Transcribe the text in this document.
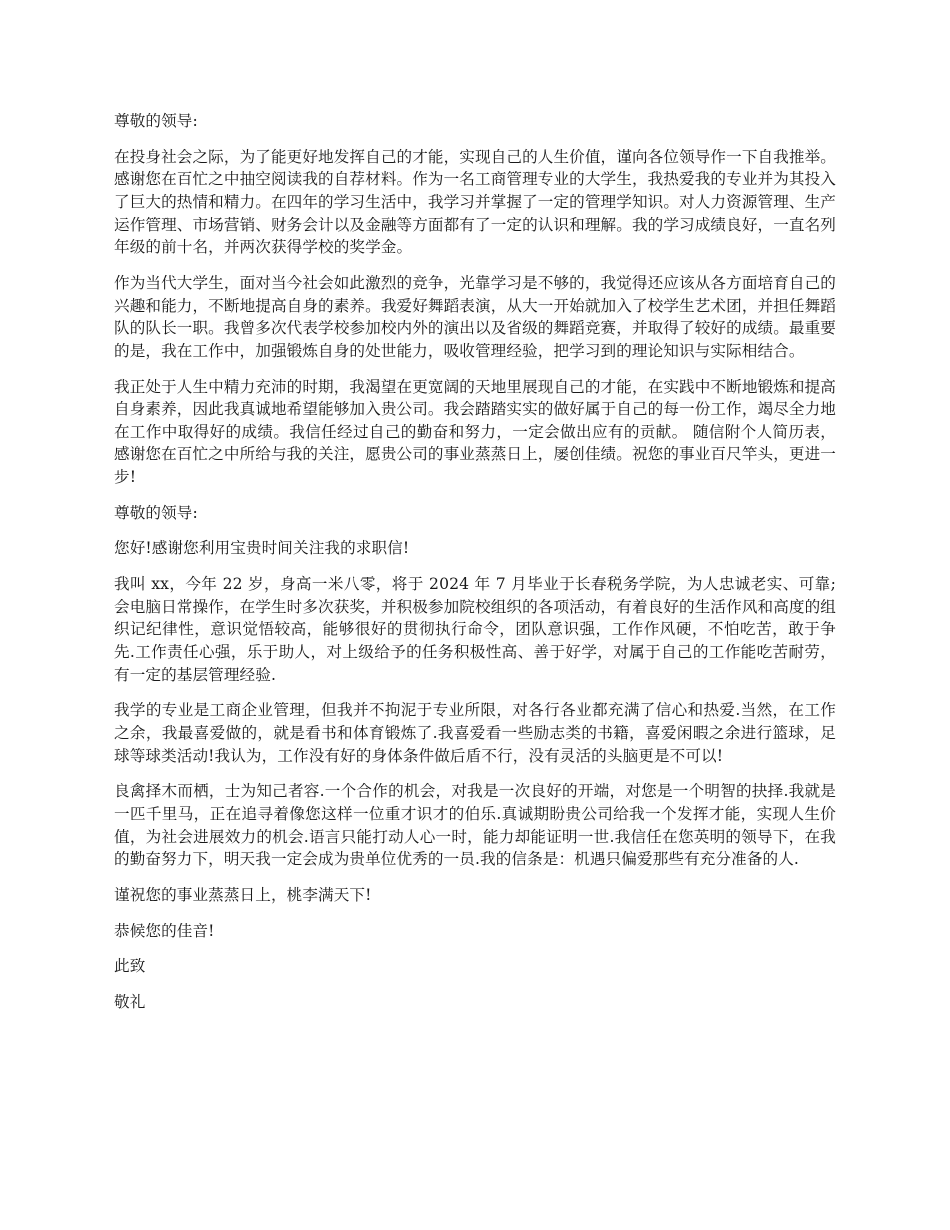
尊敬的领导:

在投身社会之际，为了能更好地发挥自己的才能，实现自己的人生价值，谨向各位领导作一下自我推举。感谢您在百忙之中抽空阅读我的自荐材料。作为一名工商管理专业的大学生，我热爱我的专业并为其投入了巨大的热情和精力。在四年的学习生活中，我学习并掌握了一定的管理学知识。对人力资源管理、生产运作管理、市场营销、财务会计以及金融等方面都有了一定的认识和理解。我的学习成绩良好，一直名列年级的前十名，并两次获得学校的奖学金。

作为当代大学生，面对当今社会如此激烈的竞争，光靠学习是不够的，我觉得还应该从各方面培育自己的兴趣和能力，不断地提高自身的素养。我爱好舞蹈表演，从大一开始就加入了校学生艺术团，并担任舞蹈队的队长一职。我曾多次代表学校参加校内外的演出以及省级的舞蹈竞赛，并取得了较好的成绩。最重要的是，我在工作中，加强锻炼自身的处世能力，吸收管理经验，把学习到的理论知识与实际相结合。

我正处于人生中精力充沛的时期，我渴望在更宽阔的天地里展现自己的才能，在实践中不断地锻炼和提高自身素养，因此我真诚地希望能够加入贵公司。我会踏踏实实的做好属于自己的每一份工作，竭尽全力地在工作中取得好的成绩。我信任经过自己的勤奋和努力，一定会做出应有的贡献。 随信附个人简历表，感谢您在百忙之中所给与我的关注，愿贵公司的事业蒸蒸日上，屡创佳绩。祝您的事业百尺竿头，更进一步!

尊敬的领导:

您好!感谢您利用宝贵时间关注我的求职信!

我叫 xx，今年 22 岁，身高一米八零，将于 2024 年 7 月毕业于长春税务学院，为人忠诚老实、可靠;会电脑日常操作，在学生时多次获奖，并积极参加院校组织的各项活动，有着良好的生活作风和高度的组织记纪律性，意识觉悟较高，能够很好的贯彻执行命令，团队意识强，工作作风硬，不怕吃苦，敢于争先.工作责任心强，乐于助人，对上级给予的任务积极性高、善于好学，对属于自己的工作能吃苦耐劳，有一定的基层管理经验.

我学的专业是工商企业管理，但我并不拘泥于专业所限，对各行各业都充满了信心和热爱.当然，在工作之余，我最喜爱做的，就是看书和体育锻炼了.我喜爱看一些励志类的书籍，喜爱闲暇之余进行篮球，足球等球类活动!我认为，工作没有好的身体条件做后盾不行，没有灵活的头脑更是不可以!

良禽择木而栖，士为知己者容.一个合作的机会，对我是一次良好的开端，对您是一个明智的抉择.我就是一匹千里马，正在追寻着像您这样一位重才识才的伯乐.真诚期盼贵公司给我一个发挥才能，实现人生价值，为社会进展效力的机会.语言只能打动人心一时，能力却能证明一世.我信任在您英明的领导下，在我的勤奋努力下，明天我一定会成为贵单位优秀的一员.我的信条是：机遇只偏爱那些有充分准备的人.

谨祝您的事业蒸蒸日上，桃李满天下!

恭候您的佳音!

此致

敬礼
